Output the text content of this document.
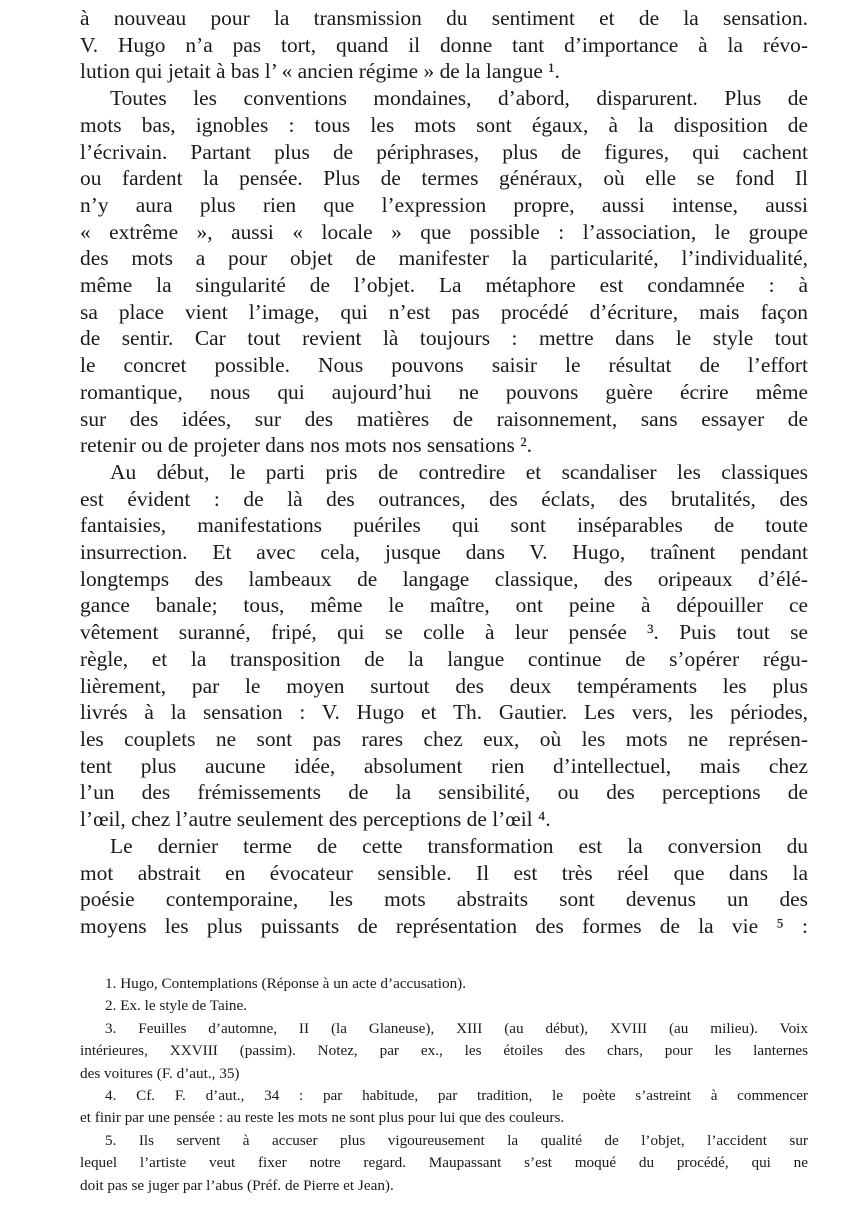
à nouveau pour la transmission du sentiment et de la sensation.
V. Hugo n’a pas tort, quand il donne tant d’importance à la révo-
lution qui jetait à bas l’ « ancien régime » de la langue ¹.

Toutes les conventions mondaines, d’abord, disparurent. Plus de
mots bas, ignobles : tous les mots sont égaux, à la disposition de
l’écrivain. Partant plus de périphrases, plus de figures, qui cachent
ou fardent la pensée. Plus de termes généraux, où elle se fond Il
n’y aura plus rien que l’expression propre, aussi intense, aussi
« extrême », aussi « locale » que possible : l’association, le groupe
des mots a pour objet de manifester la particularité, l’individualité,
même la singularité de l’objet. La métaphore est condamnée : à
sa place vient l’image, qui n’est pas procédé d’écriture, mais façon
de sentir. Car tout revient là toujours : mettre dans le style tout
le concret possible. Nous pouvons saisir le résultat de l’effort
romantique, nous qui aujourd’hui ne pouvons guère écrire même
sur des idées, sur des matières de raisonnement, sans essayer de
retenir ou de projeter dans nos mots nos sensations ².

Au début, le parti pris de contredire et scandaliser les classiques
est évident : de là des outrances, des éclats, des brutalités, des
fantaisies, manifestations puériles qui sont inséparables de toute
insurrection. Et avec cela, jusque dans V. Hugo, traînent pendant
longtemps des lambeaux de langage classique, des oripeaux d’élé-
gance banale; tous, même le maître, ont peine à dépouiller ce
vêtement suranné, fripé, qui se colle à leur pensée ³. Puis tout se
règle, et la transposition de la langue continue de s’opérer régu-
lièrement, par le moyen surtout des deux tempéraments les plus
livrés à la sensation : V. Hugo et Th. Gautier. Les vers, les périodes,
les couplets ne sont pas rares chez eux, où les mots ne représen-
tent plus aucune idée, absolument rien d’intellectuel, mais chez
l’un des frémissements de la sensibilité, ou des perceptions de
l’œil, chez l’autre seulement des perceptions de l’œil ⁴.

Le dernier terme de cette transformation est la conversion du
mot abstrait en évocateur sensible. Il est très réel que dans la
poésie contemporaine, les mots abstraits sont devenus un des
moyens les plus puissants de représentation des formes de la vie ⁵ :

1. Hugo, Contemplations (Réponse à un acte d’accusation).

2. Ex. le style de Taine.

3. Feuilles d’automne, II (la Glaneuse), XIII (au début), XVIII (au milieu). Voix
intérieures, XXVIII (passim). Notez, par ex., les étoiles des chars, pour les lanternes
des voitures (F. d’aut., 35)

4. Cf. F. d’aut., 34 : par habitude, par tradition, le poète s’astreint à commencer
et finir par une pensée : au reste les mots ne sont plus pour lui que des couleurs.

5. Ils servent à accuser plus vigoureusement la qualité de l’objet, l’accident sur
lequel l’artiste veut fixer notre regard. Maupassant s’est moqué du procédé, qui ne
doit pas se juger par l’abus (Préf. de Pierre et Jean).
